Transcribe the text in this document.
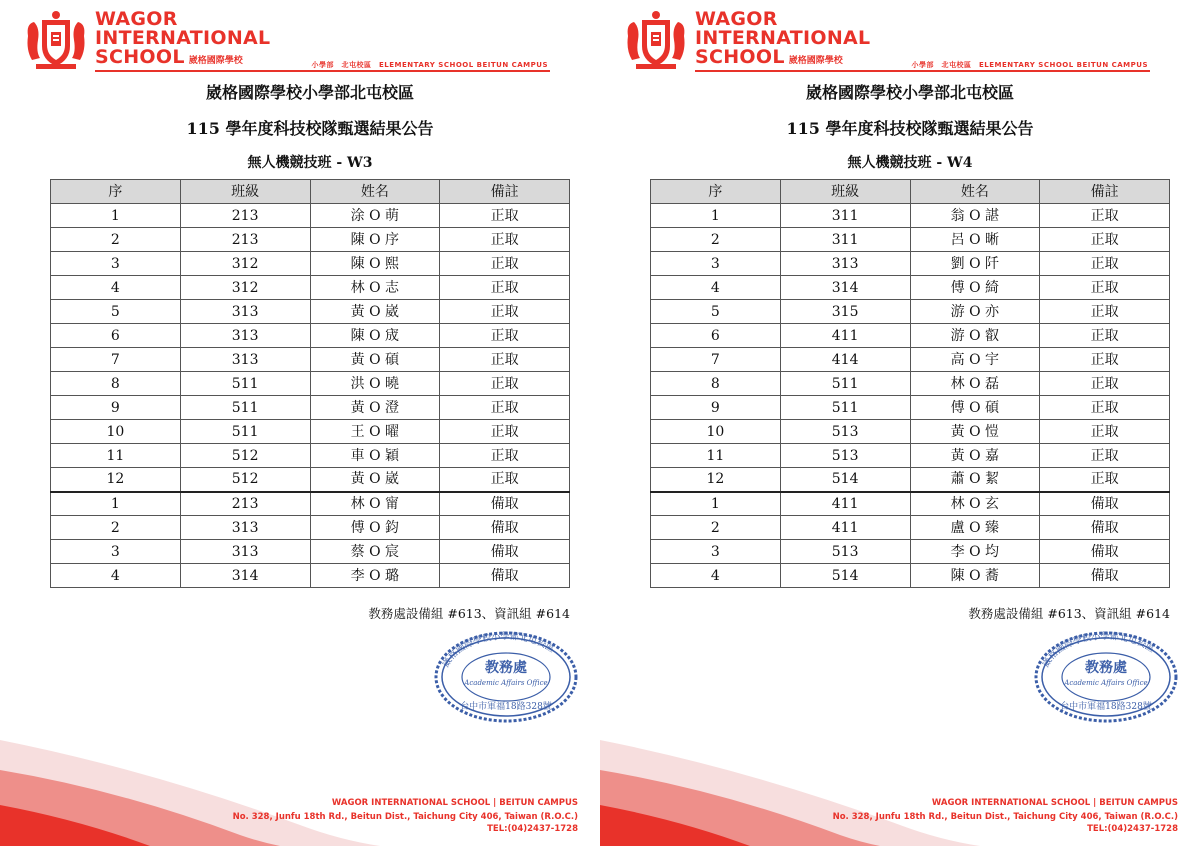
WAGOR
INTERNATIONAL
SCHOOL 崴格國際學校	小學部　北屯校區　ELEMENTARY SCHOOL BEITUN CAMPUS
崴格國際學校小學部北屯校區
115 學年度科技校隊甄選結果公告
無人機競技班 - W3
序	班級	姓名	備註
1	213	涂 O 萌	正取
2	213	陳 O 序	正取
3	312	陳 O 熙	正取
4	312	林 O 志	正取
5	313	黃 O 崴	正取
6	313	陳 O 宬	正取
7	313	黃 O 碩	正取
8	511	洪 O 曉	正取
9	511	黃 O 澄	正取
10	511	王 O 曜	正取
11	512	車 O 穎	正取
12	512	黃 O 崴	正取
1	213	林 O 甯	備取
2	313	傅 O 鈞	備取
3	313	蔡 O 宸	備取
4	314	李 O 璐	備取
教務處設備組 #613、資訊組 #614
崴格國際學校小學部北屯校區
教務處
Academic Affairs Office
台中市軍福18路328號
WAGOR INTERNATIONAL SCHOOL | BEITUN CAMPUS
No. 328, Junfu 18th Rd., Beitun Dist., Taichung City 406, Taiwan (R.O.C.)
TEL:(04)2437-1728
WAGOR
INTERNATIONAL
SCHOOL 崴格國際學校	小學部　北屯校區　ELEMENTARY SCHOOL BEITUN CAMPUS
崴格國際學校小學部北屯校區
115 學年度科技校隊甄選結果公告
無人機競技班 - W4
序	班級	姓名	備註
1	311	翁 O 諶	正取
2	311	呂 O 晰	正取
3	313	劉 O 阡	正取
4	314	傅 O 綺	正取
5	315	游 O 亦	正取
6	411	游 O 叡	正取
7	414	高 O 宇	正取
8	511	林 O 磊	正取
9	511	傅 O 碩	正取
10	513	黃 O 愷	正取
11	513	黃 O 嘉	正取
12	514	蕭 O 絜	正取
1	411	林 O 玄	備取
2	411	盧 O 臻	備取
3	513	李 O 均	備取
4	514	陳 O 蕎	備取
教務處設備組 #613、資訊組 #614
崴格國際學校小學部北屯校區
教務處
Academic Affairs Office
台中市軍福18路328號
WAGOR INTERNATIONAL SCHOOL | BEITUN CAMPUS
No. 328, Junfu 18th Rd., Beitun Dist., Taichung City 406, Taiwan (R.O.C.)
TEL:(04)2437-1728
